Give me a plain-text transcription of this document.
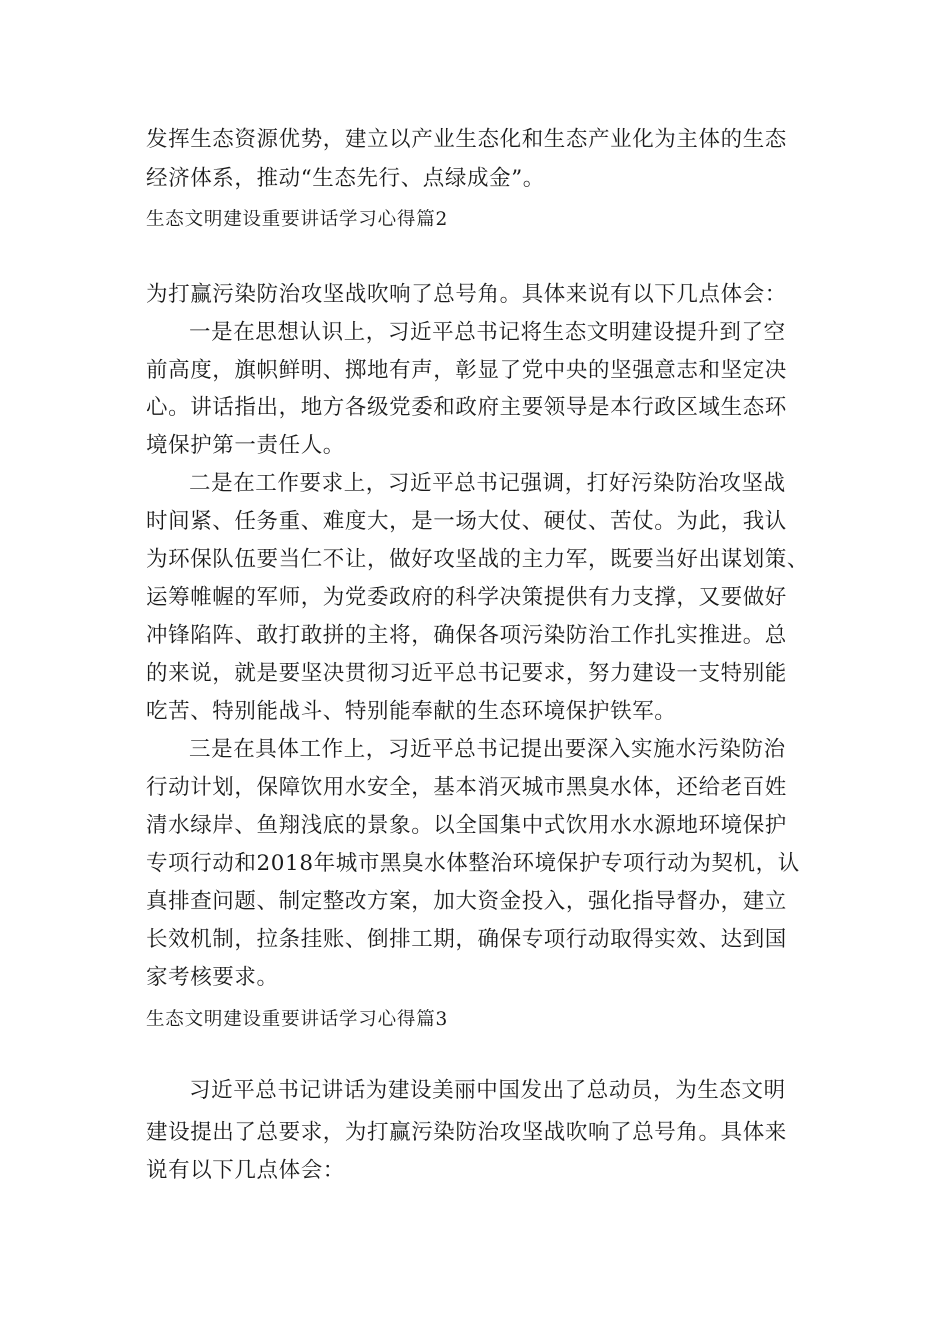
发挥生态资源优势，建立以产业生态化和生态产业化为主体的生态
经济体系，推动“生态先行、点绿成金”。
生态文明建设重要讲话学习心得篇2
为打赢污染防治攻坚战吹响了总号角。具体来说有以下几点体会：
一是在思想认识上，习近平总书记将生态文明建设提升到了空
前高度，旗帜鲜明、掷地有声，彰显了党中央的坚强意志和坚定决
心。讲话指出，地方各级党委和政府主要领导是本行政区域生态环
境保护第一责任人。
二是在工作要求上，习近平总书记强调，打好污染防治攻坚战
时间紧、任务重、难度大，是一场大仗、硬仗、苦仗。为此，我认
为环保队伍要当仁不让，做好攻坚战的主力军，既要当好出谋划策、
运筹帷幄的军师，为党委政府的科学决策提供有力支撑，又要做好
冲锋陷阵、敢打敢拼的主将，确保各项污染防治工作扎实推进。总
的来说，就是要坚决贯彻习近平总书记要求，努力建设一支特别能
吃苦、特别能战斗、特别能奉献的生态环境保护铁军。
三是在具体工作上，习近平总书记提出要深入实施水污染防治
行动计划，保障饮用水安全，基本消灭城市黑臭水体，还给老百姓
清水绿岸、鱼翔浅底的景象。以全国集中式饮用水水源地环境保护
专项行动和2018年城市黑臭水体整治环境保护专项行动为契机，认
真排查问题、制定整改方案，加大资金投入，强化指导督办，建立
长效机制，拉条挂账、倒排工期，确保专项行动取得实效、达到国
家考核要求。
生态文明建设重要讲话学习心得篇3
习近平总书记讲话为建设美丽中国发出了总动员，为生态文明
建设提出了总要求，为打赢污染防治攻坚战吹响了总号角。具体来
说有以下几点体会：
